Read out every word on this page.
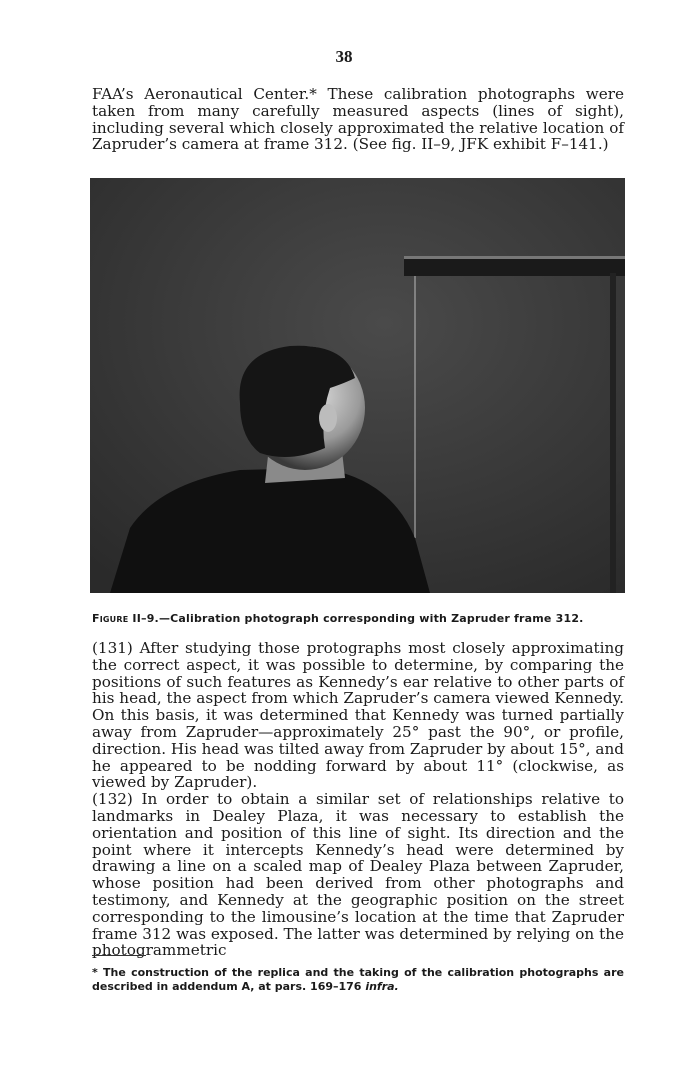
38
FAA’s Aeronautical Center.* These calibration photographs were taken from many carefully measured aspects (lines of sight), including several which closely approximated the relative location of Zapruder’s camera at frame 312. (See fig. II–9, JFK exhibit F–141.)
Figure II–9.—Calibration photograph corresponding with Zapruder frame 312.

(131) After studying those protographs most closely approximating the correct aspect, it was possible to determine, by comparing the positions of such features as Kennedy’s ear relative to other parts of his head, the aspect from which Zapruder’s camera viewed Kennedy. On this basis, it was determined that Kennedy was turned partially away from Zapruder—approximately 25° past the 90°, or profile, direction. His head was tilted away from Zapruder by about 15°, and he appeared to be nodding forward by about 11° (clockwise, as viewed by Zapruder).

(132) In order to obtain a similar set of relationships relative to landmarks in Dealey Plaza, it was necessary to establish the orientation and position of this line of sight. Its direction and the point where it intercepts Kennedy’s head were determined by drawing a line on a scaled map of Dealey Plaza between Zapruder, whose position had been derived from other photographs and testimony, and Kennedy at the geographic position on the street corresponding to the limousine’s location at the time that Zapruder frame 312 was exposed. The latter was determined by relying on the photogrammetric

* The construction of the replica and the taking of the calibration photographs are described in addendum A, at pars. 169–176 infra.
